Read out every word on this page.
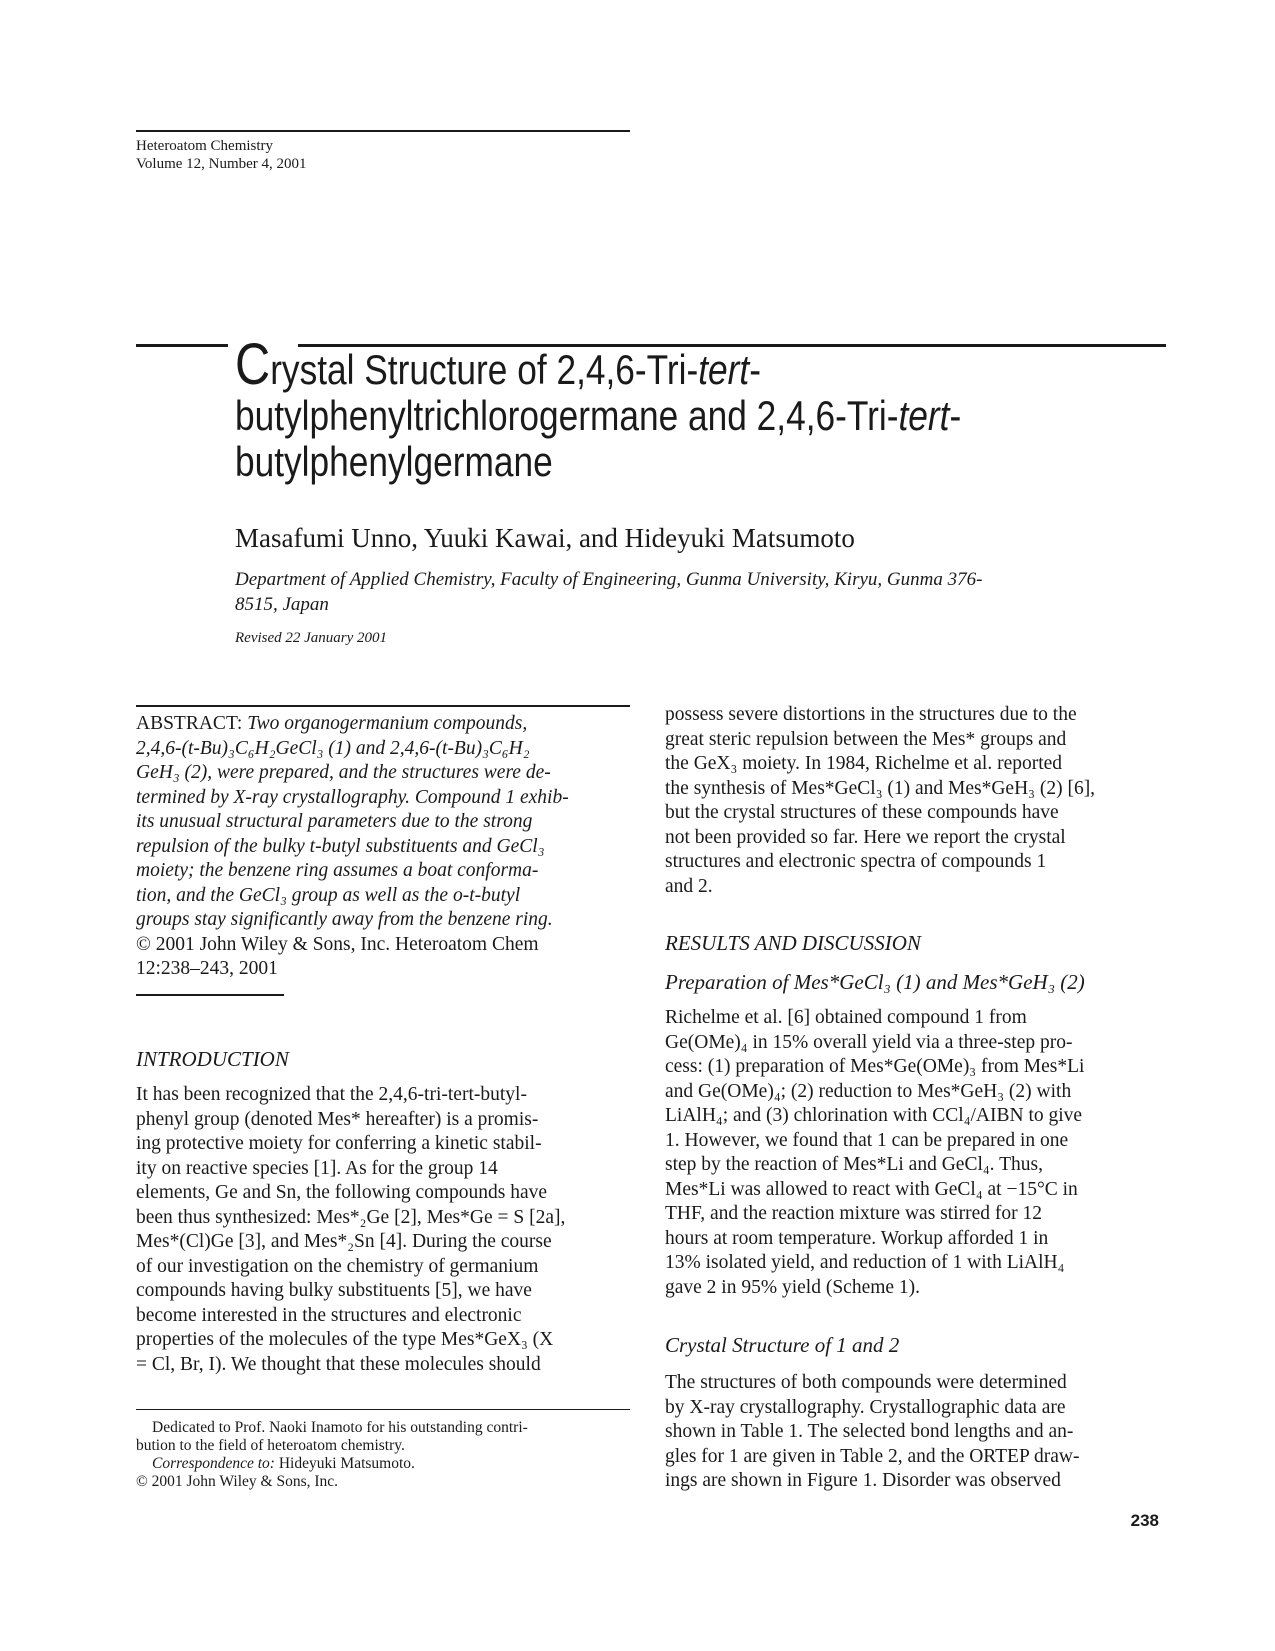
Heteroatom Chemistry
Volume 12, Number 4, 2001
Crystal Structure of 2,4,6-Tri-tert-
butylphenyltrichlorogermane and 2,4,6-Tri-tert-
butylphenylgermane
Masafumi Unno, Yuuki Kawai, and Hideyuki Matsumoto
Department of Applied Chemistry, Faculty of Engineering, Gunma University, Kiryu, Gunma 376-
8515, Japan
Revised 22 January 2001

ABSTRACT: Two organogermanium compounds,

2,4,6-(t-Bu)₃C₆H₂GeCl₃ (1) and 2,4,6-(t-Bu)₃C₆H₂

GeH₃ (2), were prepared, and the structures were de-

termined by X-ray crystallography. Compound 1 exhib-

its unusual structural parameters due to the strong

repulsion of the bulky t-butyl substituents and GeCl₃

moiety; the benzene ring assumes a boat conforma-

tion, and the GeCl₃ group as well as the o-t-butyl

groups stay significantly away from the benzene ring.

© 2001 John Wiley & Sons, Inc. Heteroatom Chem

12:238–243, 2001

INTRODUCTION

It has been recognized that the 2,4,6-tri-tert-butyl-

phenyl group (denoted Mes* hereafter) is a promis-

ing protective moiety for conferring a kinetic stabil-

ity on reactive species [1]. As for the group 14

elements, Ge and Sn, the following compounds have

been thus synthesized: Mes*₂Ge [2], Mes*Ge = S [2a],

Mes*(Cl)Ge [3], and Mes*₂Sn [4]. During the course

of our investigation on the chemistry of germanium

compounds having bulky substituents [5], we have

become interested in the structures and electronic

properties of the molecules of the type Mes*GeX₃ (X

= Cl, Br, I). We thought that these molecules should

Dedicated to Prof. Naoki Inamoto for his outstanding contri-

bution to the field of heteroatom chemistry.

Correspondence to: Hideyuki Matsumoto.

© 2001 John Wiley & Sons, Inc.

possess severe distortions in the structures due to the

great steric repulsion between the Mes* groups and

the GeX₃ moiety. In 1984, Richelme et al. reported

the synthesis of Mes*GeCl₃ (1) and Mes*GeH₃ (2) [6],

but the crystal structures of these compounds have

not been provided so far. Here we report the crystal

structures and electronic spectra of compounds 1

and 2.

RESULTS AND DISCUSSION
Preparation of Mes*GeCl₃ (1) and Mes*GeH₃ (2)

Richelme et al. [6] obtained compound 1 from

Ge(OMe)₄ in 15% overall yield via a three-step pro-

cess: (1) preparation of Mes*Ge(OMe)₃ from Mes*Li

and Ge(OMe)₄; (2) reduction to Mes*GeH₃ (2) with

LiAlH₄; and (3) chlorination with CCl₄/AIBN to give

1. However, we found that 1 can be prepared in one

step by the reaction of Mes*Li and GeCl₄. Thus,

Mes*Li was allowed to react with GeCl₄ at −15°C in

THF, and the reaction mixture was stirred for 12

hours at room temperature. Workup afforded 1 in

13% isolated yield, and reduction of 1 with LiAlH₄

gave 2 in 95% yield (Scheme 1).

Crystal Structure of 1 and 2

The structures of both compounds were determined

by X-ray crystallography. Crystallographic data are

shown in Table 1. The selected bond lengths and an-

gles for 1 are given in Table 2, and the ORTEP draw-

ings are shown in Figure 1. Disorder was observed

238
